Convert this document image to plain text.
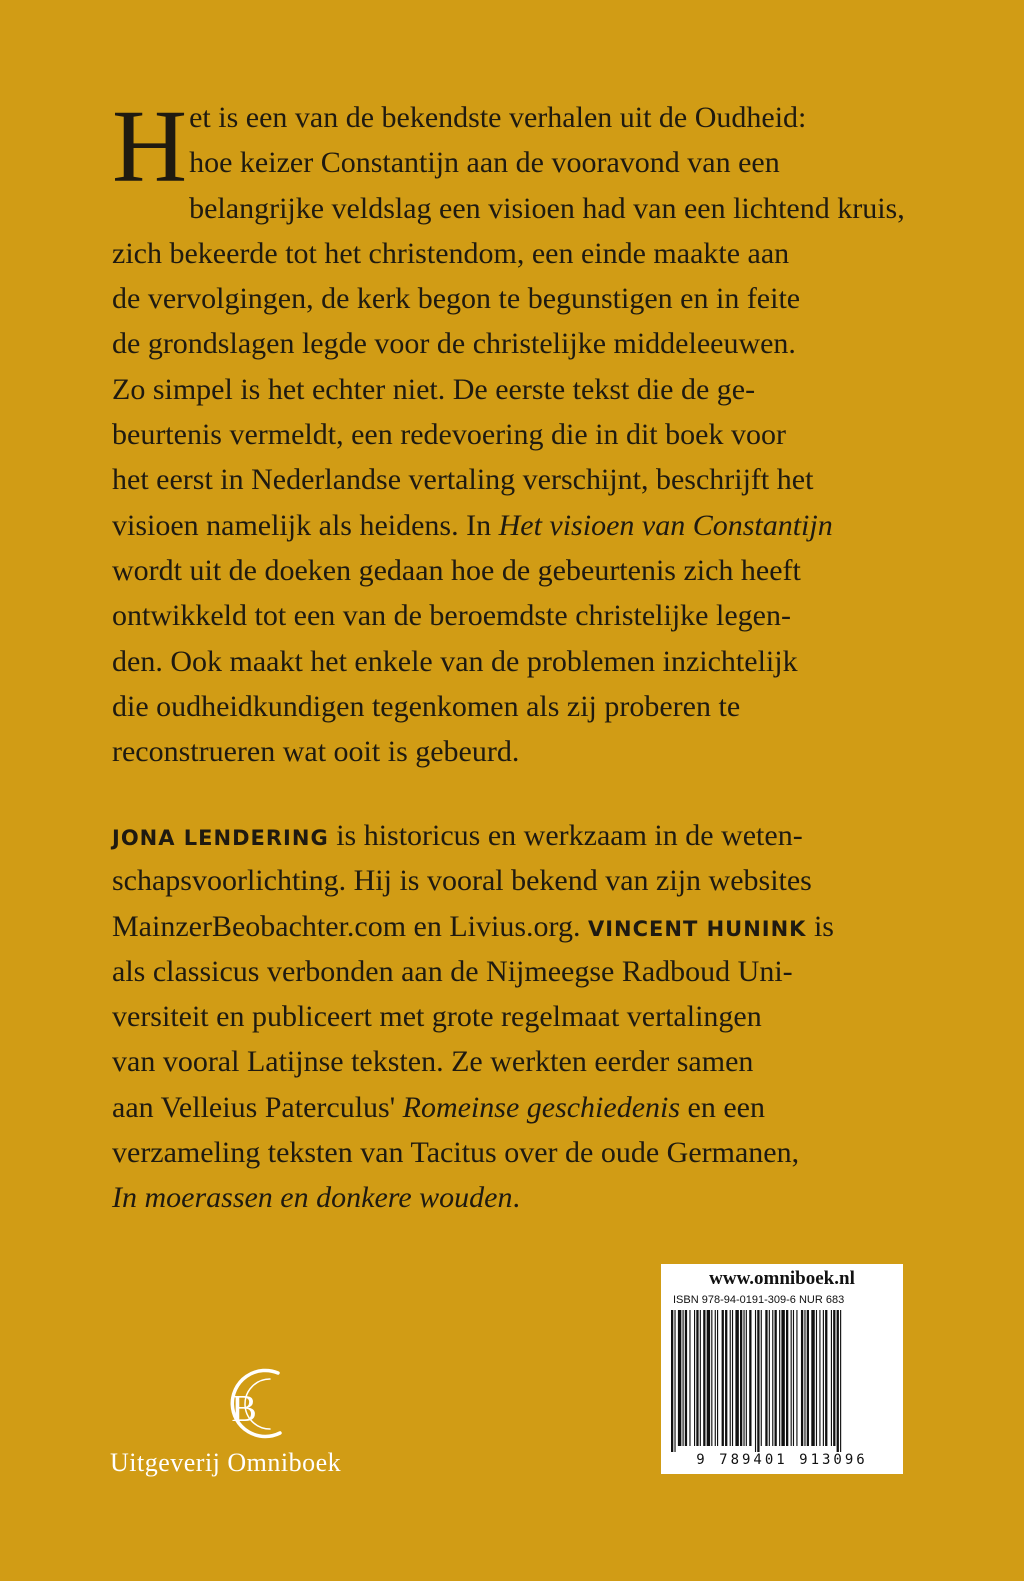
H et is een van de bekendste verhalen uit de Oudheid:
hoe keizer Constantijn aan de vooravond van een
belangrijke veldslag een visioen had van een lichtend kruis,
zich bekeerde tot het christendom, een einde maakte aan
de vervolgingen, de kerk begon te begunstigen en in feite
de grondslagen legde voor de christelijke middeleeuwen.
Zo simpel is het echter niet. De eerste tekst die de ge-
beurtenis vermeldt, een redevoering die in dit boek voor
het eerst in Nederlandse vertaling verschijnt, beschrijft het
visioen namelijk als heidens. In Het visioen van Constantijn
wordt uit de doeken gedaan hoe de gebeurtenis zich heeft
ontwikkeld tot een van de beroemdste christelijke legen-
den. Ook maakt het enkele van de problemen inzichtelijk
die oudheidkundigen tegenkomen als zij proberen te
reconstrueren wat ooit is gebeurd.
JONA LENDERING is historicus en werkzaam in de weten-
schapsvoorlichting. Hij is vooral bekend van zijn websites
MainzerBeobachter.com en Livius.org. VINCENT HUNINK is
als classicus verbonden aan de Nijmeegse Radboud Uni-
versiteit en publiceert met grote regelmaat vertalingen
van vooral Latijnse teksten. Ze werkten eerder samen
aan Velleius Paterculus' Romeinse geschiedenis en een
verzameling teksten van Tacitus over de oude Germanen,
In moerassen en donkere wouden.
B
Uitgeverij Omniboek
www.omniboek.nl
ISBN 978-94-0191-309-6 NUR 683
9 789401 913096
